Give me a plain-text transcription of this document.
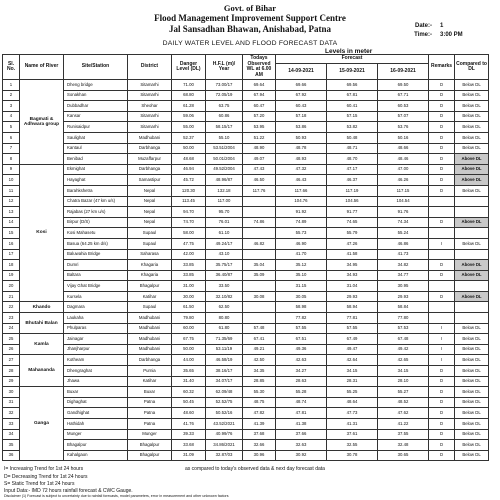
Govt. of Bihar
Flood Management Improvement Support Centre
Jal Sansadhan Bhawan, Anishabad, Patna	Date:- 1
Time:- 3:00 PM
DAILY WATER LEVEL AND FLOOD FORECAST DATA
Levels in meter
Sl. No.	Name of River	Site/Station	District	Danger Level (DL)	H.F.L (m)/ Year	Todays Observed WL at 6.00 AM	Forecast			Remarks	Compared to DL
							14-09-2021	15-09-2021	16-09-2021		
1	Bagmati & Adhwara group	Dheng bridge	Sitamarhi	71.00	73.00/17	69.64	69.66	69.56	69.50	D	Below DL
2		Sonakhan	Sitamarhi	68.80	72.05/19	67.94	67.92	67.81	67.71	D	Below DL
3		Dubbadhar	Sheohar	61.28	63.75	60.47	60.43	60.41	60.53	D	Below DL
4		Kansar	Sitamarhi	59.06	60.86	57.20	57.18	57.15	57.07	D	Below DL
5		Runisaidpur	Sitamarhi	55.00	58.15/17	53.95	53.86	53.82	53.76	D	Below DL
6		Saulighat	Madhubani	52.37	55.10	51.22	50.93	50.48	50.16	D	Below DL
7		Kantaul	Darbhanga	50.00	53.51/2004	48.90	48.78	48.71	48.66	D	Below DL
8		Benibad	Muzaffarpur	48.68	50.01/2004	49.07	48.93	48.70	48.46	D	Above DL
9	Kosi	Ekmighat	Darbhanga	46.94	49.52/2004	47.43	47.32	47.17	47.00	D	Above DL
10		Hayaghat	Samastipur	45.72	48.96/87	46.50	46.43	46.37	46.26	D	Above DL
11		Barahkshetra	Nepal	120.30	132.18	117.76	117.66	117.19	117.15	D	Below DL
12		Chatra Bazar (47 km u/s)	Nepal	113.45	117.00		104.76	104.56	104.54		
13		Rajabas (27 km u/s)	Nepal	94.70	95.70		91.92	91.77	91.76		
14		Birpur (D/S)	Nepal	74.70	76.01	74.86	74.89	74.65	74.34	D	Above DL
15		Kosi Mahasetu	Supaul	58.00	61.10		55.73	55.79	55.24		
16		Basua (64.25 km d/s)	Supaul	47.75	49.24/17	46.82	46.90	47.26	46.86	I	Below DL
17		Baluwahia Bridge	Saharasa	42.00	43.10		41.70	41.58	41.73		
18		Dumri	Khagaria	33.85	35.75/17	35.04	35.12	34.95	34.82	D	Above DL
19		Baltara	Khagaria	33.85	36.40/87	35.09	35.10	34.93	34.77	D	Above DL
20		Vijay Ghat Bridge	Bhagalpur	31.00	33.50		31.15	31.04	30.95		
21		Kursela	Katihar	30.00	32.10/82	30.08	30.05	29.93	29.93	D	Above DL
22	Khando	Dagmara	Supaul	61.50	62.50		58.98	58.94	58.84		
23	Bhutahi Balan	Laukaha	Madhubani	79.80	80.80		77.82	77.81	77.80		
24		Phulparas	Madhubani	60.00	61.80	57.48	57.55	57.55	57.53	I	Below DL
25	Kamla	Jainagar	Madhubani	67.75	71.35/69	67.41	67.51	67.49	67.48	I	Below DL
26		Jhanjharpur	Madhubani	50.00	53.11/19	49.21	49.36	49.47	49.42	I	Below DL
27	Mahananda	Kotheam	Darbhanga	44.00	46.58/19	42.50	42.63	42.64	42.65	I	Below DL
28		Dhengraghat	Purnia	35.65	38.16/17	34.35	34.27	34.15	34.15	D	Below DL
29		Jhawa	Katihar	31.40	34.07/17	28.85	28.63	28.31	28.10	D	Below DL
30	Ganga	Buxar	Buxar	60.32	62.09/48	55.30	55.28	55.25	55.27	D	Below DL
31		Dighaghat	Patna	50.45	52.52/75	48.75	48.74	48.64	48.52	D	Below DL
32		Gandhighat	Patna	48.60	50.52/16	47.82	47.81	47.73	47.62	D	Below DL
33		Hathidah	Patna	41.76	43.52/2021	41.39	41.38	41.31	41.22	D	Below DL
34		Munger	Munger	39.33	40.99/76	37.68	37.66	37.61	37.55	D	Below DL
35		Bhagalpur	Bhagalpur	33.68	34.86/2021	32.66	32.63	32.55	32.48	D	Below DL
36		Kahalgaon	Bhagalpur	31.09	32.87/03	30.96	30.92	30.78	30.65	D	Below DL
I= Increasing Trend for 1st 24 hours	as compared to today's observed data & next day forecast data
D= Decreasing Trend for 1st 24 hours
S= Static Trend for 1st 24 hours
Input Data:- IMD 72 hours rainfall forecast & CWC Gauge.
Disclaimer (1) Forecast is subject to uncertainty due to rainfall forecasts, model parameters, error in measurement and other unknown factors
